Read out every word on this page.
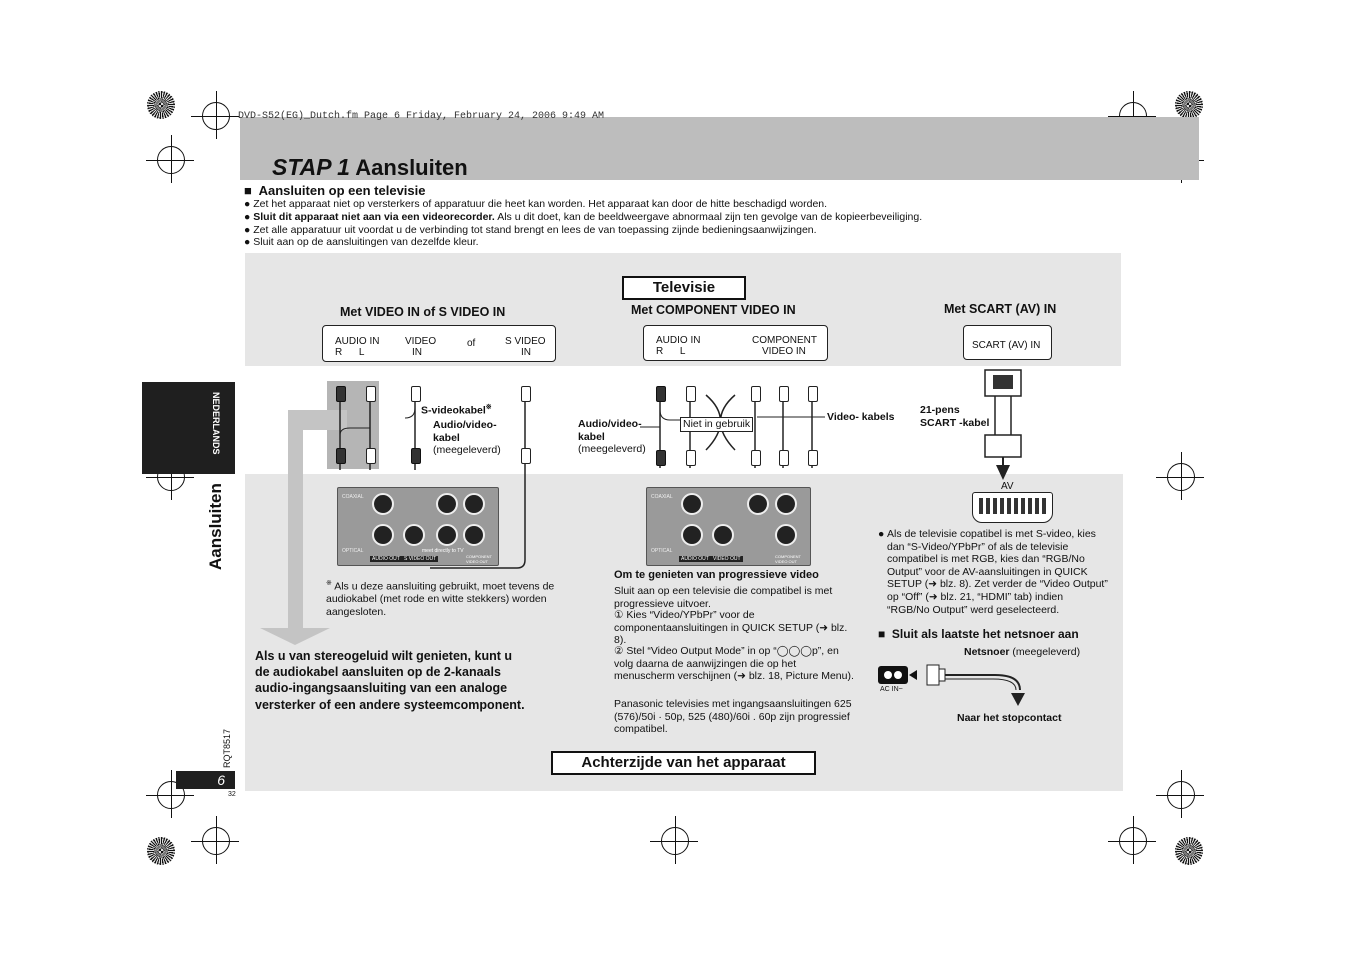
DVD-S52(EG)_Dutch.fm Page 6 Friday, February 24, 2006 9:49 AM
STAP 1 Aansluiten
■  Aansluiten op een televisie
● Zet het apparaat niet op versterkers of apparatuur die heet kan worden. Het apparaat kan door de hitte beschadigd worden.
● Sluit dit apparaat niet aan via een videorecorder. Als u dit doet, kan de beeldweergave abnormaal zijn ten gevolge van de kopieerbeveiliging.
● Zet alle apparatuur uit voordat u de verbinding tot stand brengt en lees de van toepassing zijnde bedieningsaanwijzingen.
● Sluit aan op de aansluitingen van dezelfde kleur.
NEDERLANDS
Aansluiten
RQT8517
6
32
Televisie
Met VIDEO IN of S VIDEO IN	Met COMPONENT VIDEO IN	Met SCART (AV) IN
AUDIO IN
R      L
VIDEO
IN
of	S VIDEO
IN
AUDIO IN
R      L
COMPONENT
VIDEO IN
SCART (AV) IN
S-videokabel※
Audio/video-
kabel
(meegeleverd)
COAXIAL
OPTICAL
AUDIO OUT S VIDEO OUT
meet directly to TV
COMPONENT VIDEO OUT
※ Als u deze aansluiting gebruikt, moet tevens de audiokabel (met rode en witte stekkers) worden aangesloten.
Als u van stereogeluid wilt genieten, kunt u de audiokabel aansluiten op de 2-kanaals audio-ingangsaansluiting van een analoge versterker of een andere systeemcomponent.
Audio/video-
kabel
(meegeleverd)
Niet in gebruik
Video- kabels
COAXIAL
OPTICAL
AUDIO OUT VIDEO OUT	COMPONENT VIDEO OUT
Om te genieten van progressieve video
Sluit aan op een televisie die compatibel is met progressieve uitvoer.
① Kies “Video/YPbPr” voor de componentaansluitingen in QUICK SETUP (➜ blz. 8).
② Stel “Video Output Mode” in op “◯◯◯p”, en volg daarna de aanwijzingen die op het menuscherm verschijnen (➜ blz. 18, Picture Menu).
Panasonic televisies met ingangsaansluitingen 625 (576)/50i · 50p, 525 (480)/60i . 60p zijn progressief compatibel.
21-pens
SCART -kabel
AV
● Als de televisie copatibel is met S-video, kies dan “S-Video/YPbPr” of als de televisie compatibel is met RGB, kies dan “RGB/No Output” voor de AV-aansluitingen in QUICK SETUP (➜ blz. 8). Zet verder de “Video Output” op “Off” (➜ blz. 21, “HDMI” tab) indien “RGB/No Output” werd geselecteerd.
■  Sluit als laatste het netsnoer aan
Netsnoer (meegeleverd)
AC IN~
Naar het stopcontact
Achterzijde van het apparaat
